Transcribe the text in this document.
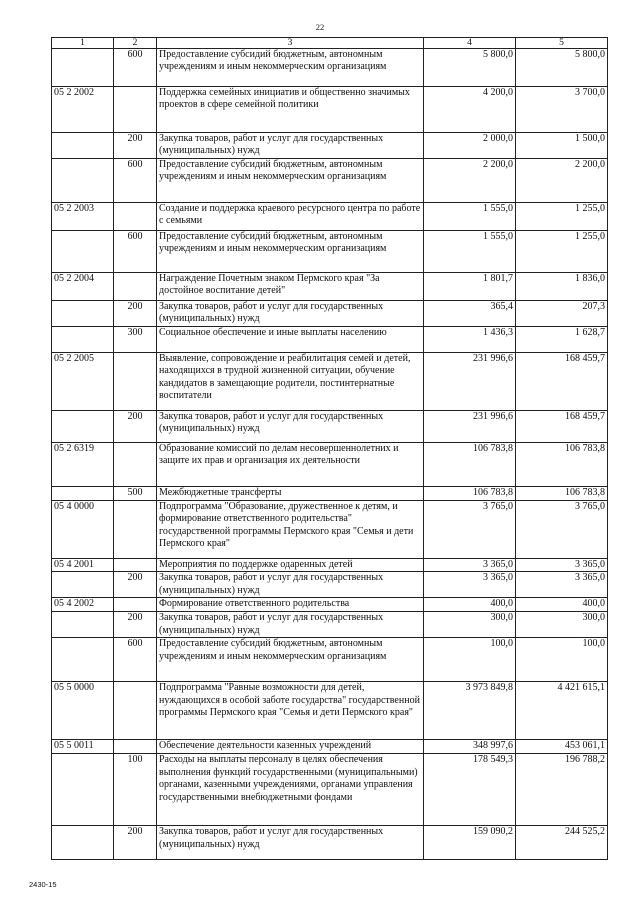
22
1	2	3	4	5
	600	Предоставление субсидий бюджетным, автономным учреждениям и иным некоммерческим организациям	5 800,0	5 800,0
05 2 2002		Поддержка семейных инициатив и общественно значимых проектов в сфере семейной политики	4 200,0	3 700,0
	200	Закупка товаров, работ и услуг для государственных (муниципальных) нужд	2 000,0	1 500,0
	600	Предоставление субсидий бюджетным, автономным учреждениям и иным некоммерческим организациям	2 200,0	2 200,0
05 2 2003		Создание и поддержка краевого ресурсного центра по работе с семьями	1 555,0	1 255,0
	600	Предоставление субсидий бюджетным, автономным учреждениям и иным некоммерческим организациям	1 555,0	1 255,0
05 2 2004		Награждение Почетным знаком Пермского края "За достойное воспитание детей"	1 801,7	1 836,0
	200	Закупка товаров, работ и услуг для государственных (муниципальных) нужд	365,4	207,3
	300	Социальное обеспечение и иные выплаты населению	1 436,3	1 628,7
05 2 2005		Выявление, сопровождение и реабилитация семей и детей, находящихся в трудной жизненной ситуации, обучение кандидатов в замещающие родители, постинтернатные воспитатели	231 996,6	168 459,7
	200	Закупка товаров, работ и услуг для государственных (муниципальных) нужд	231 996,6	168 459,7
05 2 6319		Образование комиссий по делам несовершеннолетних и защите их прав и организация их деятельности	106 783,8	106 783,8
	500	Межбюджетные трансферты	106 783,8	106 783,8
05 4 0000		Подпрограмма "Образование, дружественное к детям, и формирование ответственного родительства" государственной программы Пермского края "Семья и дети Пермского края"	3 765,0	3 765,0
05 4 2001		Мероприятия по поддержке одаренных детей	3 365,0	3 365,0
	200	Закупка товаров, работ и услуг для государственных (муниципальных) нужд	3 365,0	3 365,0
05 4 2002		Формирование ответственного родительства	400,0	400,0
	200	Закупка товаров, работ и услуг для государственных (муниципальных) нужд	300,0	300,0
	600	Предоставление субсидий бюджетным, автономным учреждениям и иным некоммерческим организациям	100,0	100,0
05 5 0000		Подпрограмма "Равные возможности для детей, нуждающихся в особой заботе государства" государственной программы Пермского края "Семья и дети Пермского края"	3 973 849,8	4 421 615,1
05 5 0011		Обеспечение деятельности казенных учреждений	348 997,6	453 061,1
	100	Расходы на выплаты персоналу в целях обеспечения выполнения функций государственными (муниципальными) органами, казенными учреждениями, органами управления государственными внебюджетными фондами	178 549,3	196 788,2
	200	Закупка товаров, работ и услуг для государственных (муниципальных) нужд	159 090,2	244 525,2
2430-15
